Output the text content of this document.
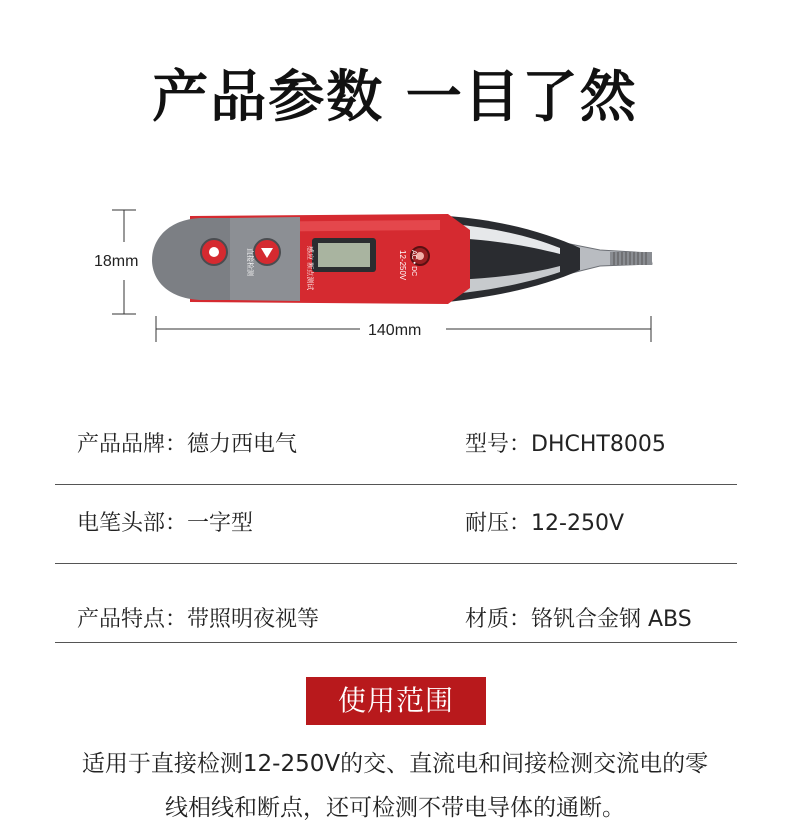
产品参数 一目了然
18mm
140mm
直接检测	感应 断点测试	12-250V AC • DC
产品品牌：德力西电气	型号：DHCHT8005
电笔头部：一字型	耐压：12-250V
产品特点：带照明夜视等	材质：铬钒合金钢 ABS
使用范围
适用于直接检测12-250V的交、直流电和间接检测交流电的零
线相线和断点，还可检测不带电导体的通断。
